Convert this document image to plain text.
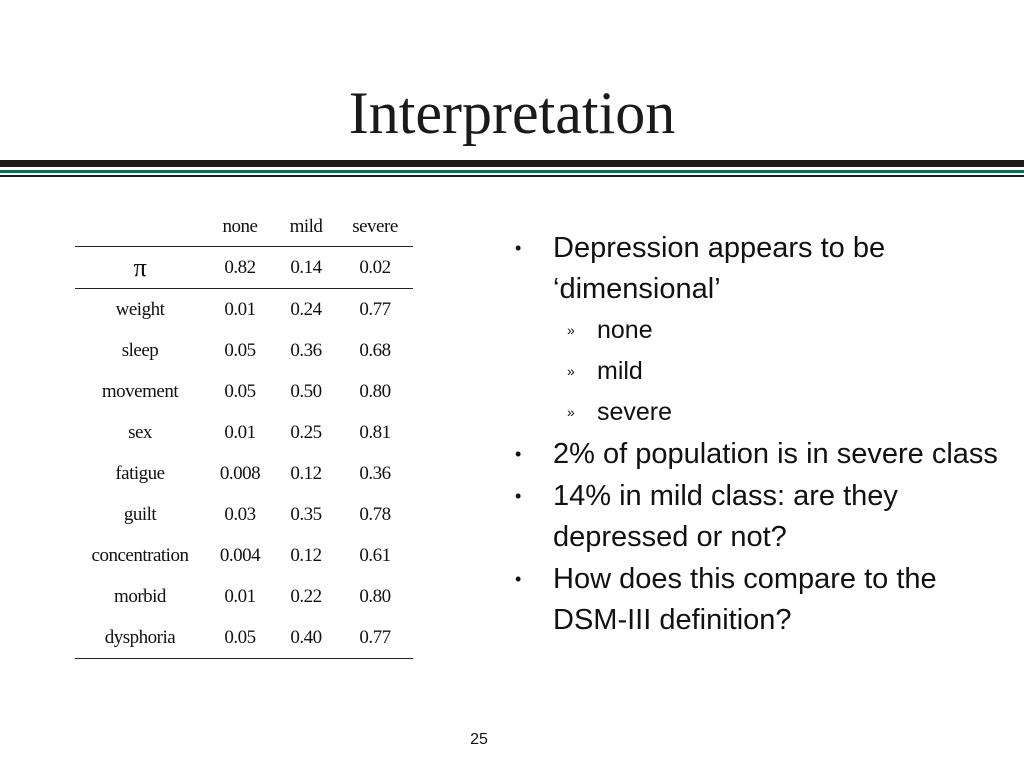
Interpretation
	none	mild	severe
π	0.82	0.14	0.02
weight	0.01	0.24	0.77
sleep	0.05	0.36	0.68
movement	0.05	0.50	0.80
sex	0.01	0.25	0.81
fatigue	0.008	0.12	0.36
guilt	0.03	0.35	0.78
concentration	0.004	0.12	0.61
morbid	0.01	0.22	0.80
dysphoria	0.05	0.40	0.77
• Depression appears to be ‘dimensional’
» none
» mild
» severe
• 2% of population is in severe class
• 14% in mild class: are they depressed or not?
• How does this compare to the DSM-III definition?
25
